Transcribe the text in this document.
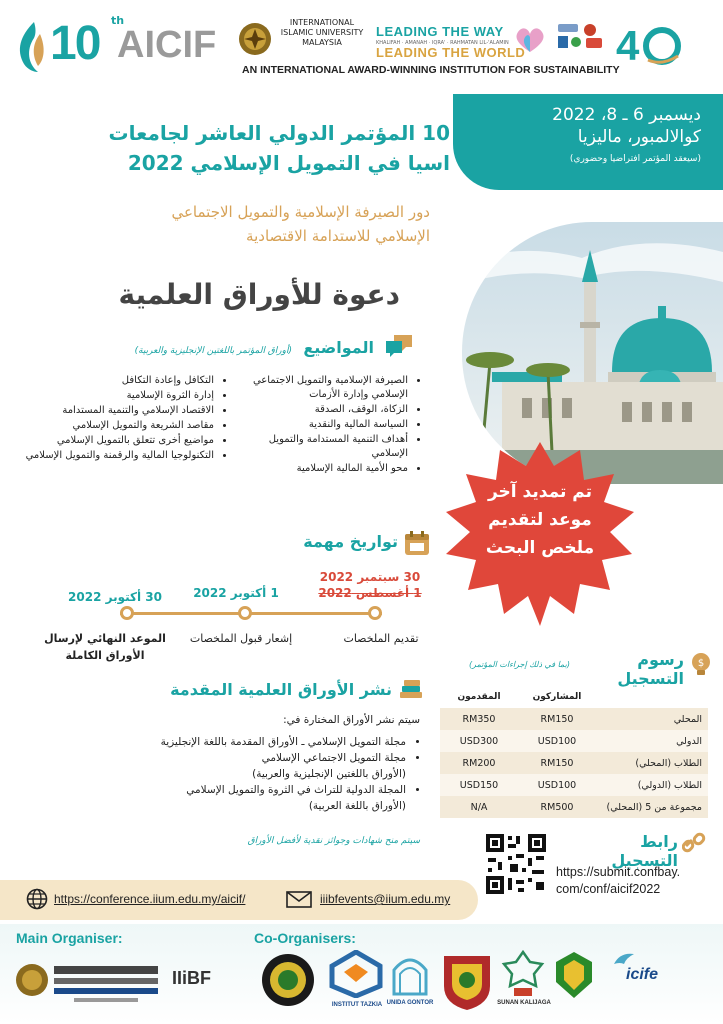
10 th
AICIF
INTERNATIONAL ISLAMIC UNIVERSITY MALAYSIA
LEADING THE WAY
KHALIFAH · AMANAH · IQRA' · RAHMATAN LIL-'ALAMIN
LEADING THE WORLD 4
AN INTERNATIONAL AWARD-WINNING INSTITUTION FOR SUSTAINABILITY
ديسمبر 6 ـ 8، 2022
كوالالمبور، ماليزيا
(سيعقد المؤتمر افتراضيا وحضوري)
10 المؤتمر الدولي العاشر لجامعات
اسيا في التمويل الإسلامي 2022
دور الصيرفة الإسلامية والتمويل الاجتماعي
الإسلامي للاستدامة الاقتصادية
دعوة للأوراق العلمية
المواضيع
(أوراق المؤتمر باللغتين الإنجليزية والعربية)
• الصيرفة الإسلامية والتمويل الاجتماعي الإسلامي وإدارة الأزمات
• الزكاة، الوقف، الصدقة
• السياسة المالية والنقدية
• أهداف التنمية المستدامة والتمويل الإسلامي
• محو الأمية المالية الإسلامية
• التكافل وإعادة التكافل
• إدارة الثروة الإسلامية
• الاقتصاد الإسلامي والتنمية المستدامة
• مقاصد الشريعة والتمويل الإسلامي
• مواضيع أخرى تتعلق بالتمويل الإسلامي
• التكنولوجيا المالية والرقمنة والتمويل الإسلامي
تم تمديد آخر
موعد لتقديم
ملخص البحث
تواريخ مهمة
30 سبتمبر 2022
1 أغسطس 2022
1 أكتوبر 2022
30 أكتوبر 2022
تقديم الملخصات
إشعار قبول الملخصات
الموعد النهائي لإرسال الأوراق الكاملة
نشر الأوراق العلمية المقدمة
سيتم نشر الأوراق المختارة في:
• مجلة التمويل الإسلامي ـ الأوراق المقدمة باللغة الإنجليزية
• مجلة التمويل الاجتماعي الإسلامي
(الأوراق باللغتين الإنجليزية والعربية)
• المجلة الدولية للتراث في الثروة والتمويل الإسلامي
(الأوراق باللغة العربية)
سيتم منح شهادات وجوائز نقدية لأفضل الأوراق
$
رسوم التسجيل
(بما في ذلك إجراءات المؤتمر)
المقدمون	المشاركون	
RM350	RM150	المحلي
USD300	USD100	الدولي
RM200	RM150	الطلاب (المحلي)
USD150	USD100	الطلاب (الدولي)
N/A	RM500	مجموعة من 5 (المحلي)
رابط التسجيل
https://submit.confbay.
com/conf/aicif2022
https://conference.iium.edu.my/aicif/	iiibfevents@iium.edu.my
Main Organiser:	Co-Organisers:
IIiBF
INSTITUT TAZKIA UNIDA GONTOR	SUNAN KALIJAGA
icife
